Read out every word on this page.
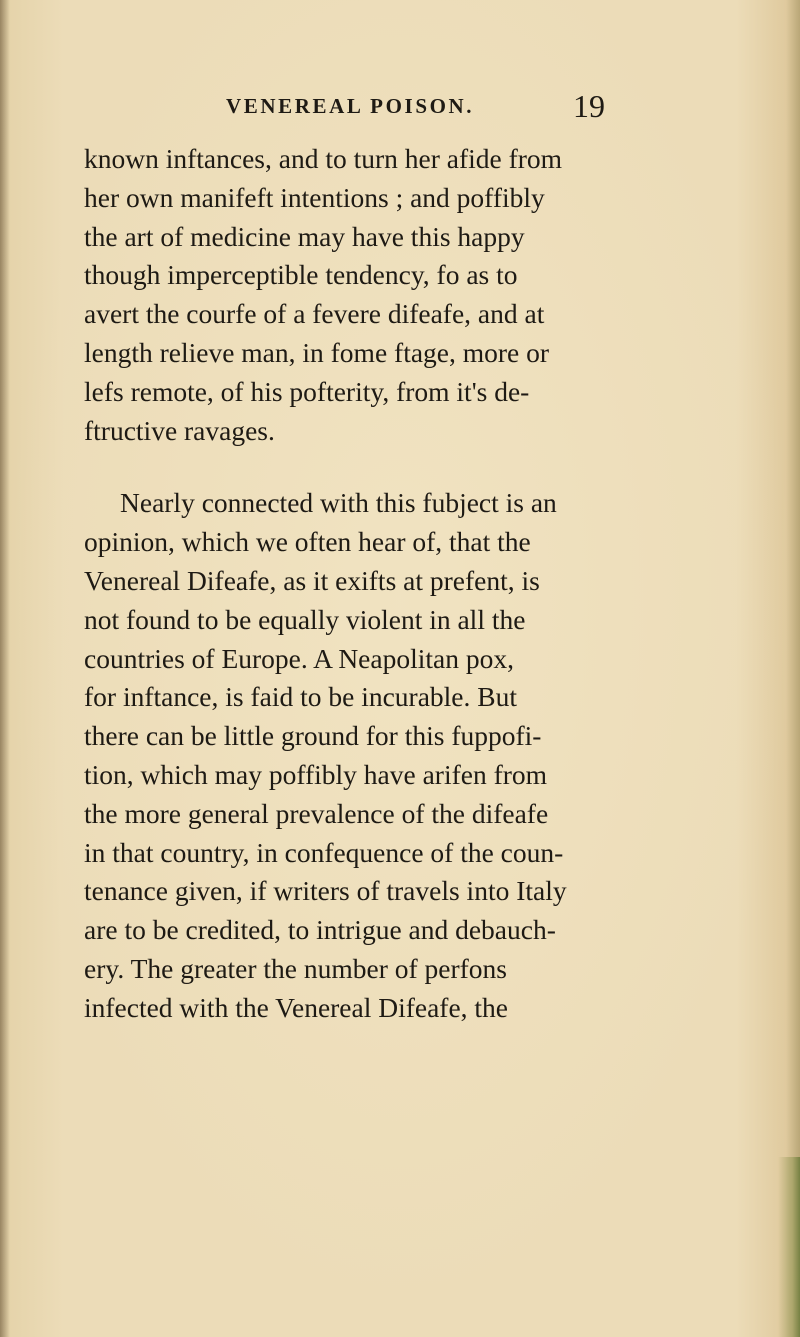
VENEREAL POISON.	19
known inftances, and to turn her afide from
her own manifeft intentions ; and poffibly
the art of medicine may have this happy
though imperceptible tendency, fo as to
avert the courfe of a fevere difeafe, and at
length relieve man, in fome ftage, more or
lefs remote, of his pofterity, from it's de-
ftructive ravages.
Nearly connected with this fubject is an
opinion, which we often hear of, that the
Venereal Difeafe, as it exifts at prefent, is
not found to be equally violent in all the
countries of Europe. A Neapolitan pox,
for inftance, is faid to be incurable. But
there can be little ground for this fuppofi-
tion, which may poffibly have arifen from
the more general prevalence of the difeafe
in that country, in confequence of the coun-
tenance given, if writers of travels into Italy
are to be credited, to intrigue and debauch-
ery. The greater the number of perfons
infected with the Venereal Difeafe, the
